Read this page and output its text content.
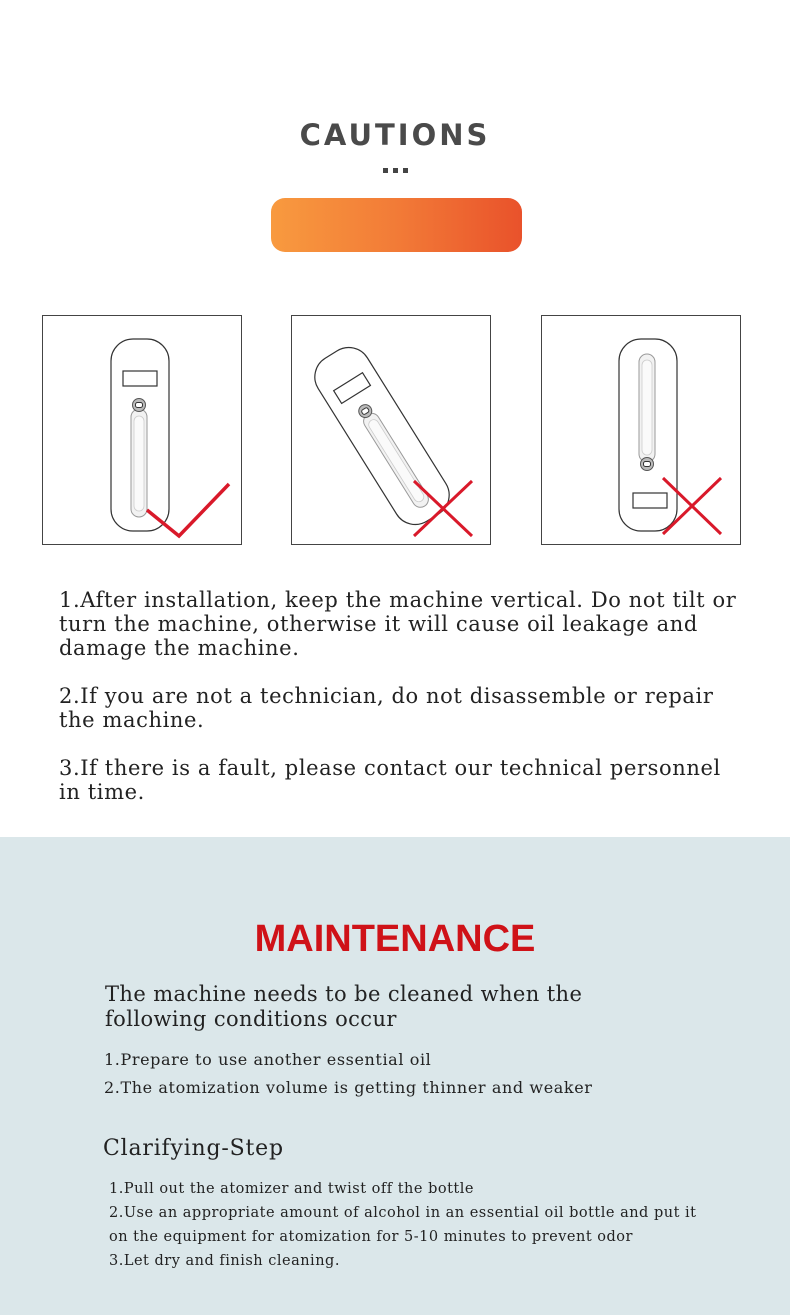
CAUTIONS

1.After installation, keep the machine vertical. Do not tilt or turn the machine, otherwise it will cause oil leakage and damage the machine.

2.If you are not a technician, do not disassemble or repair the machine.

3.If there is a fault, please contact our technical personnel in time.

MAINTENANCE

The machine needs to be cleaned when the following conditions occur

1.Prepare to use another essential oil

2.The atomization volume is getting thinner and weaker

Clarifying-Step

1.Pull out the atomizer and twist off the bottle

2.Use an appropriate amount of alcohol in an essential oil bottle and put it

on the equipment for atomization for 5-10 minutes to prevent odor

3.Let dry and finish cleaning.
